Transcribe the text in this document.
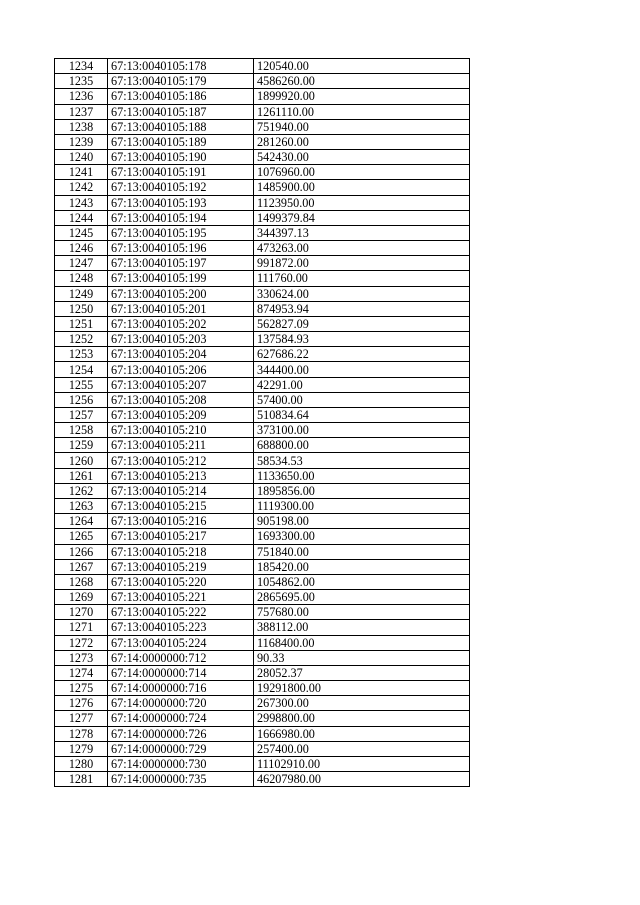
1234	67:13:0040105:178	120540.00
1235	67:13:0040105:179	4586260.00
1236	67:13:0040105:186	1899920.00
1237	67:13:0040105:187	1261110.00
1238	67:13:0040105:188	751940.00
1239	67:13:0040105:189	281260.00
1240	67:13:0040105:190	542430.00
1241	67:13:0040105:191	1076960.00
1242	67:13:0040105:192	1485900.00
1243	67:13:0040105:193	1123950.00
1244	67:13:0040105:194	1499379.84
1245	67:13:0040105:195	344397.13
1246	67:13:0040105:196	473263.00
1247	67:13:0040105:197	991872.00
1248	67:13:0040105:199	111760.00
1249	67:13:0040105:200	330624.00
1250	67:13:0040105:201	874953.94
1251	67:13:0040105:202	562827.09
1252	67:13:0040105:203	137584.93
1253	67:13:0040105:204	627686.22
1254	67:13:0040105:206	344400.00
1255	67:13:0040105:207	42291.00
1256	67:13:0040105:208	57400.00
1257	67:13:0040105:209	510834.64
1258	67:13:0040105:210	373100.00
1259	67:13:0040105:211	688800.00
1260	67:13:0040105:212	58534.53
1261	67:13:0040105:213	1133650.00
1262	67:13:0040105:214	1895856.00
1263	67:13:0040105:215	1119300.00
1264	67:13:0040105:216	905198.00
1265	67:13:0040105:217	1693300.00
1266	67:13:0040105:218	751840.00
1267	67:13:0040105:219	185420.00
1268	67:13:0040105:220	1054862.00
1269	67:13:0040105:221	2865695.00
1270	67:13:0040105:222	757680.00
1271	67:13:0040105:223	388112.00
1272	67:13:0040105:224	1168400.00
1273	67:14:0000000:712	90.33
1274	67:14:0000000:714	28052.37
1275	67:14:0000000:716	19291800.00
1276	67:14:0000000:720	267300.00
1277	67:14:0000000:724	2998800.00
1278	67:14:0000000:726	1666980.00
1279	67:14:0000000:729	257400.00
1280	67:14:0000000:730	11102910.00
1281	67:14:0000000:735	46207980.00
